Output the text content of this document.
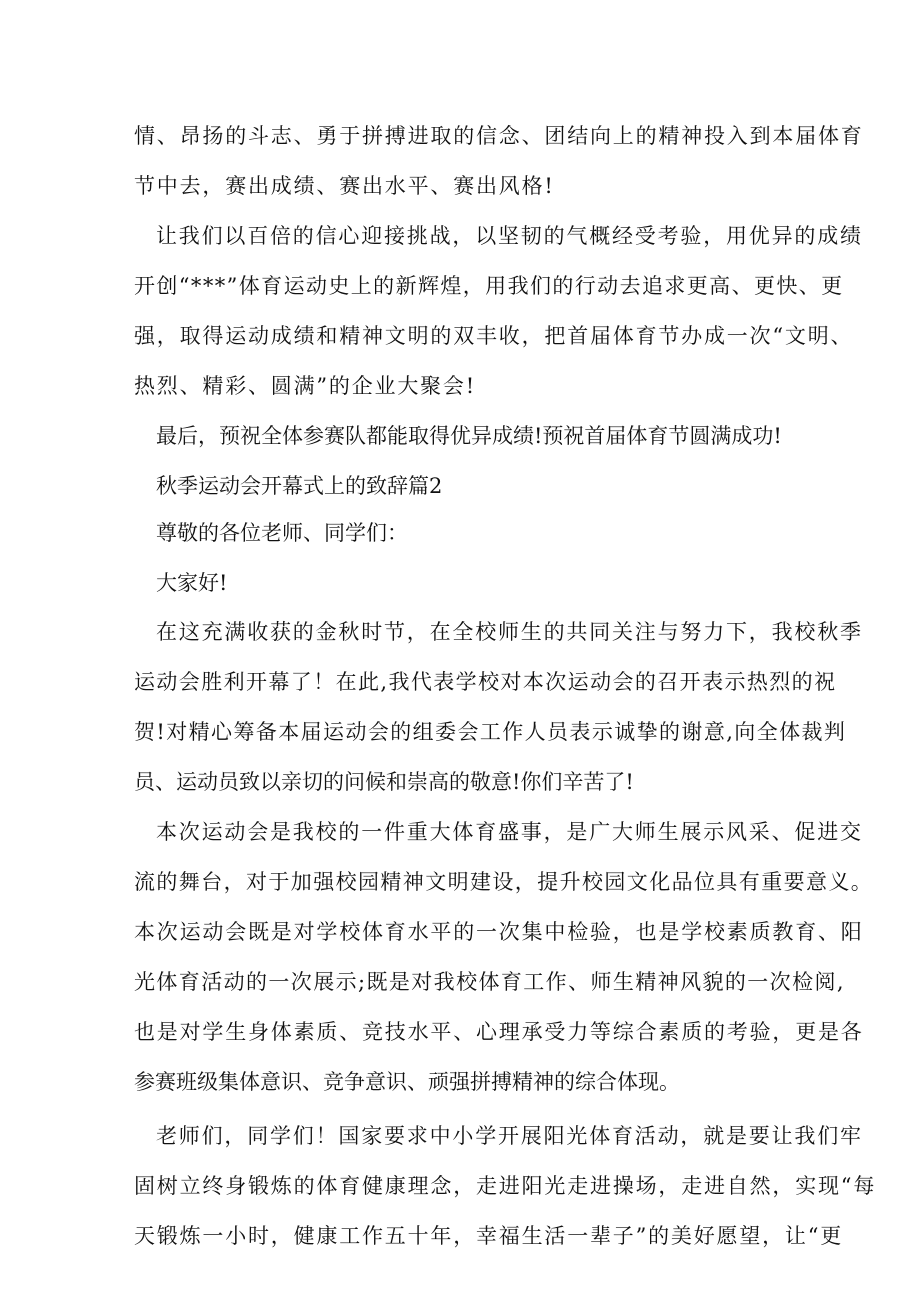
情、昂扬的斗志、勇于拼搏进取的信念、团结向上的精神投入到本届体育
节中去，赛出成绩、赛出水平、赛出风格!
让我们以百倍的信心迎接挑战，以坚韧的气概经受考验，用优异的成绩
开创“***”体育运动史上的新辉煌，用我们的行动去追求更高、更快、更
强，取得运动成绩和精神文明的双丰收，把首届体育节办成一次“文明、
热烈、精彩、圆满”的企业大聚会!
最后，预祝全体参赛队都能取得优异成绩!预祝首届体育节圆满成功!
秋季运动会开幕式上的致辞篇2
尊敬的各位老师、同学们：
大家好!
在这充满收获的金秋时节，在全校师生的共同关注与努力下，我校秋季
运动会胜利开幕了！在此,我代表学校对本次运动会的召开表示热烈的祝
贺!对精心筹备本届运动会的组委会工作人员表示诚挚的谢意,向全体裁判
员、运动员致以亲切的问候和崇高的敬意!你们辛苦了!
本次运动会是我校的一件重大体育盛事，是广大师生展示风采、促进交
流的舞台，对于加强校园精神文明建设，提升校园文化品位具有重要意义。
本次运动会既是对学校体育水平的一次集中检验，也是学校素质教育、阳
光体育活动的一次展示;既是对我校体育工作、师生精神风貌的一次检阅,
也是对学生身体素质、竞技水平、心理承受力等综合素质的考验，更是各
参赛班级集体意识、竞争意识、顽强拼搏精神的综合体现。
老师们，同学们！国家要求中小学开展阳光体育活动，就是要让我们牢
固树立终身锻炼的体育健康理念，走进阳光走进操场，走进自然，实现“每
天锻炼一小时，健康工作五十年，幸福生活一辈子”的美好愿望，让“更
